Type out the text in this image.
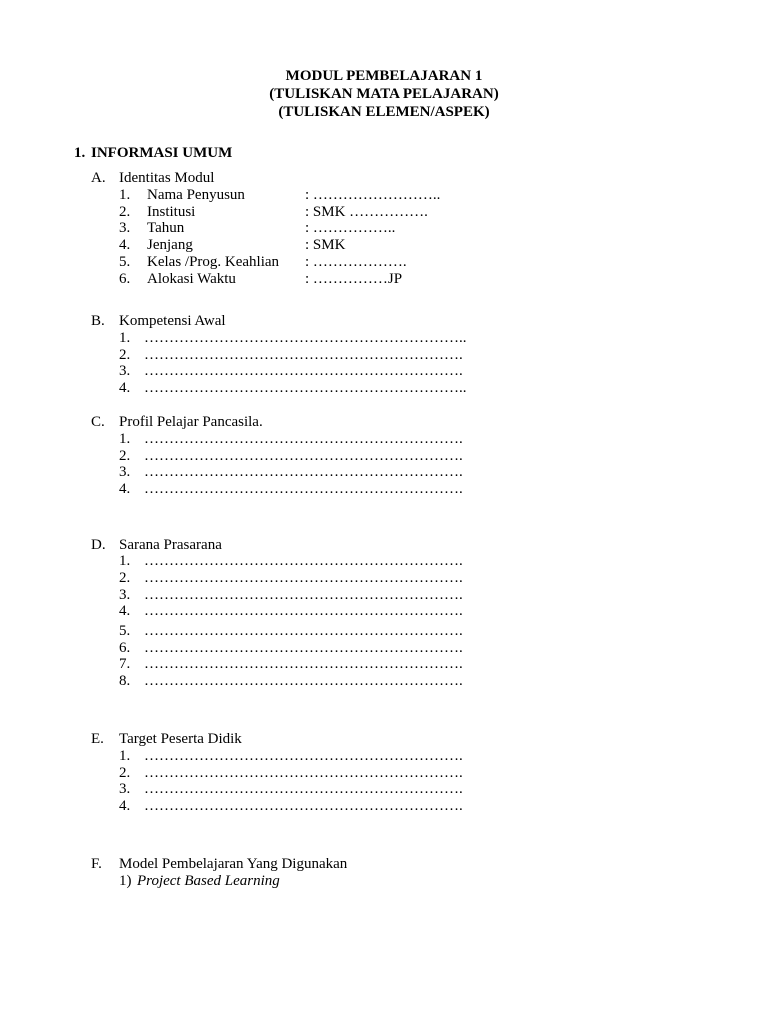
MODUL PEMBELAJARAN 1
(TULISKAN MATA PELAJARAN)
(TULISKAN ELEMEN/ASPEK)
1. INFORMASI UMUM
A. Identitas Modul
1. Nama Penyusun	: ……………………..
2. Institusi	: SMK …………….
3. Tahun	: ……………..
4. Jenjang	: SMK
5. Kelas /Prog. Keahlian : ……………….
6. Alokasi Waktu	: ……………JP
B. Kompetensi Awal
1. ………………………………………………………..
2. ……………………………………………………….
3. ……………………………………………………….
4. ………………………………………………………..
C. Profil Pelajar Pancasila.
1. ……………………………………………………….
2. ……………………………………………………….
3. ……………………………………………………….
4. ……………………………………………………….
D. Sarana Prasarana
1. ……………………………………………………….
2. ……………………………………………………….
3. ……………………………………………………….
4. ……………………………………………………….
5. ……………………………………………………….
6. ……………………………………………………….
7. ……………………………………………………….
8. ……………………………………………………….
E. Target Peserta Didik
1. ……………………………………………………….
2. ……………………………………………………….
3. ……………………………………………………….
4. ……………………………………………………….
F. Model Pembelajaran Yang Digunakan
1) Project Based Learning
